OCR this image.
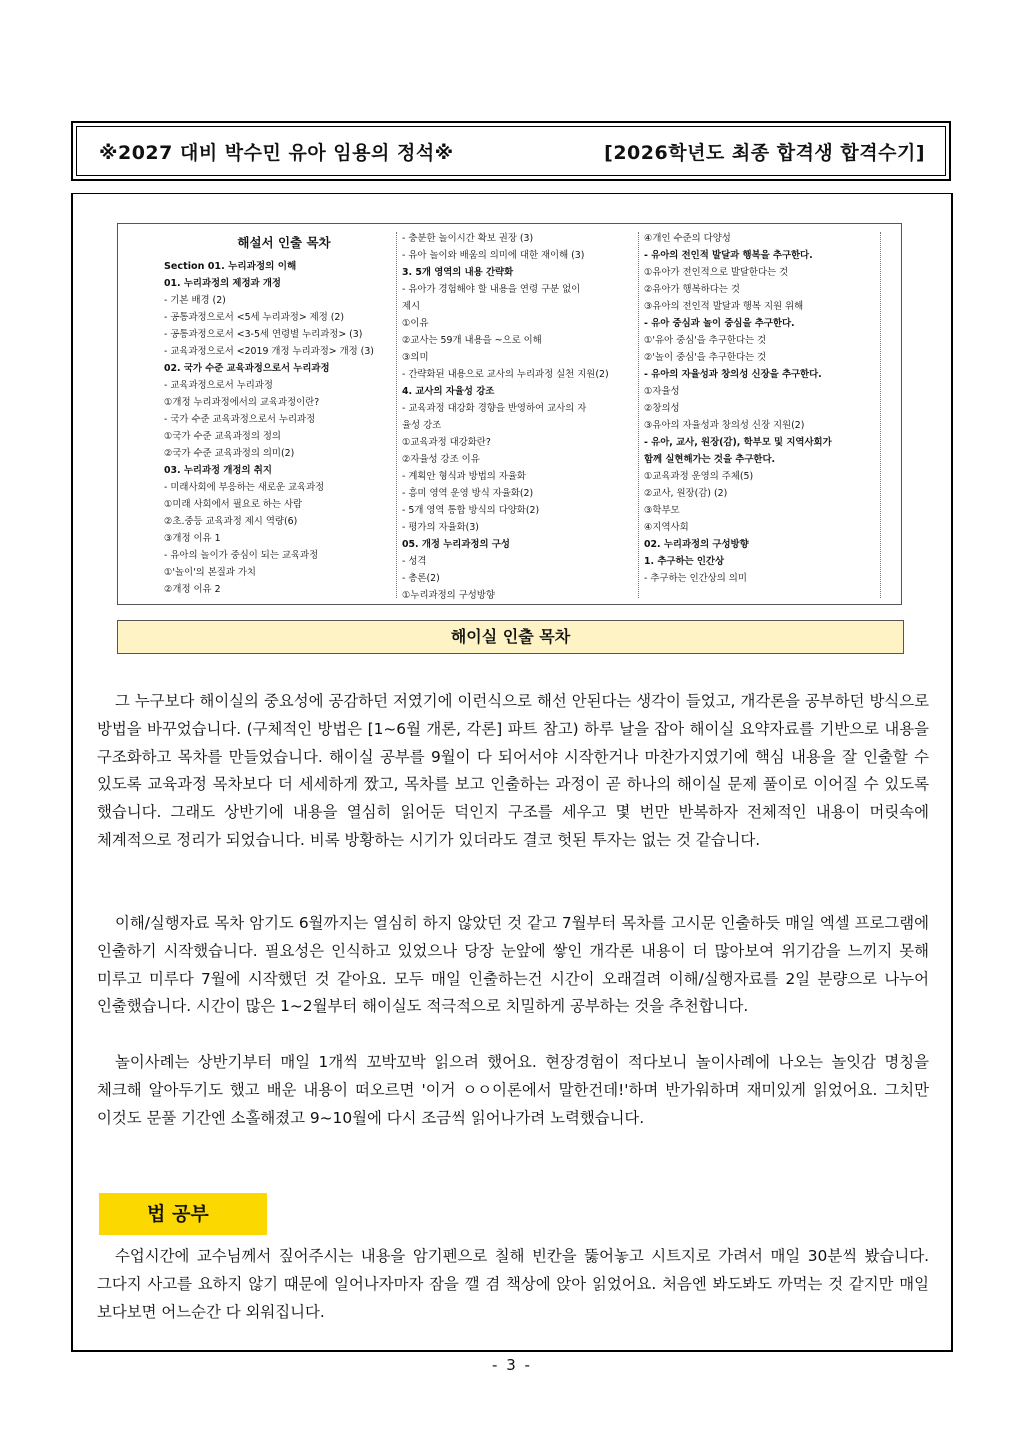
※2027 대비 박수민 유아 임용의 정석※	[2026학년도 최종 합격생 합격수기]
해설서 인출 목차
Section 01. 누리과정의 이해
01. 누리과정의 제정과 개정
- 기본 배경 (2)
- 공통과정으로서 <5세 누리과정> 제정 (2)
- 공통과정으로서 <3-5세 연령별 누리과정> (3)
- 교육과정으로서 <2019 개정 누리과정> 개정 (3)
02. 국가 수준 교육과정으로서 누리과정
- 교육과정으로서 누리과정
①개정 누리과정에서의 교육과정이란?
- 국가 수준 교육과정으로서 누리과정
①국가 수준 교육과정의 정의
②국가 수준 교육과정의 의미(2)
03. 누리과정 개정의 취지
- 미래사회에 부응하는 새로운 교육과정
①미래 사회에서 필요로 하는 사람
②초.중등 교육과정 제시 역량(6)
③개정 이유 1
- 유아의 놀이가 중심이 되는 교육과정
①'놀이'의 본질과 가치
②개정 이유 2
- 충분한 놀이시간 확보 권장 (3)
- 유아 놀이와 배움의 의미에 대한 재이해 (3)
3. 5개 영역의 내용 간략화
- 유아가 경험해야 할 내용을 연령 구분 없이
제시
①이유
②교사는 59개 내용을 ~으로 이해
③의미
- 간략화된 내용으로 교사의 누리과정 실천 지원(2)
4. 교사의 자율성 강조
- 교육과정 대강화 경향을 반영하여 교사의 자
율성 강조
①교육과정 대강화란?
②자율성 강조 이유
- 계획안 형식과 방법의 자율화
- 흥미 영역 운영 방식 자율화(2)
- 5개 영역 통합 방식의 다양화(2)
- 평가의 자율화(3)
05. 개정 누리과정의 구성
- 성격
- 총론(2)
①누리과정의 구성방향
④개인 수준의 다양성
- 유아의 전인적 발달과 행복을 추구한다.
①유아가 전인적으로 발달한다는 것
②유아가 행복하다는 것
③유아의 전인적 발달과 행복 지원 위해
- 유아 중심과 놀이 중심을 추구한다.
①'유아 중심'을 추구한다는 것
②'놀이 중심'을 추구한다는 것
- 유아의 자율성과 창의성 신장을 추구한다.
①자율성
②창의성
③유아의 자율성과 창의성 신장 지원(2)
- 유아, 교사, 원장(감), 학부모 및 지역사회가
함께 실현해가는 것을 추구한다.
①교육과정 운영의 주체(5)
②교사, 원장(감) (2)
③학부모
④지역사회
02. 누리과정의 구성방향
1. 추구하는 인간상
- 추구하는 인간상의 의미
해이실 인출 목차

그 누구보다 해이실의 중요성에 공감하던 저였기에 이런식으로 해선 안된다는 생각이 들었고, 개각론을 공부하던 방식으로 방법을 바꾸었습니다. (구체적인 방법은 [1~6월 개론, 각론] 파트 참고) 하루 날을 잡아 해이실 요약자료를 기반으로 내용을 구조화하고 목차를 만들었습니다. 해이실 공부를 9월이 다 되어서야 시작한거나 마찬가지였기에 핵심 내용을 잘 인출할 수 있도록 교육과정 목차보다 더 세세하게 짰고, 목차를 보고 인출하는 과정이 곧 하나의 해이실 문제 풀이로 이어질 수 있도록 했습니다. 그래도 상반기에 내용을 열심히 읽어둔 덕인지 구조를 세우고 몇 번만 반복하자 전체적인 내용이 머릿속에 체계적으로 정리가 되었습니다. 비록 방황하는 시기가 있더라도 결코 헛된 투자는 없는 것 같습니다.

이해/실행자료 목차 암기도 6월까지는 열심히 하지 않았던 것 같고 7월부터 목차를 고시문 인출하듯 매일 엑셀 프로그램에 인출하기 시작했습니다. 필요성은 인식하고 있었으나 당장 눈앞에 쌓인 개각론 내용이 더 많아보여 위기감을 느끼지 못해 미루고 미루다 7월에 시작했던 것 같아요. 모두 매일 인출하는건 시간이 오래걸려 이해/실행자료를 2일 분량으로 나누어 인출했습니다. 시간이 많은 1~2월부터 해이실도 적극적으로 치밀하게 공부하는 것을 추천합니다.

놀이사례는 상반기부터 매일 1개씩 꼬박꼬박 읽으려 했어요. 현장경험이 적다보니 놀이사례에 나오는 놀잇감 명칭을 체크해 알아두기도 했고 배운 내용이 떠오르면 '이거 ㅇㅇ이론에서 말한건데!'하며 반가워하며 재미있게 읽었어요. 그치만 이것도 문풀 기간엔 소홀해졌고 9~10월에 다시 조금씩 읽어나가려 노력했습니다.

법 공부

수업시간에 교수님께서 짚어주시는 내용을 암기펜으로 칠해 빈칸을 뚫어놓고 시트지로 가려서 매일 30분씩 봤습니다. 그다지 사고를 요하지 않기 때문에 일어나자마자 잠을 깰 겸 책상에 앉아 읽었어요. 처음엔 봐도봐도 까먹는 것 같지만 매일 보다보면 어느순간 다 외워집니다.

- 3 -
